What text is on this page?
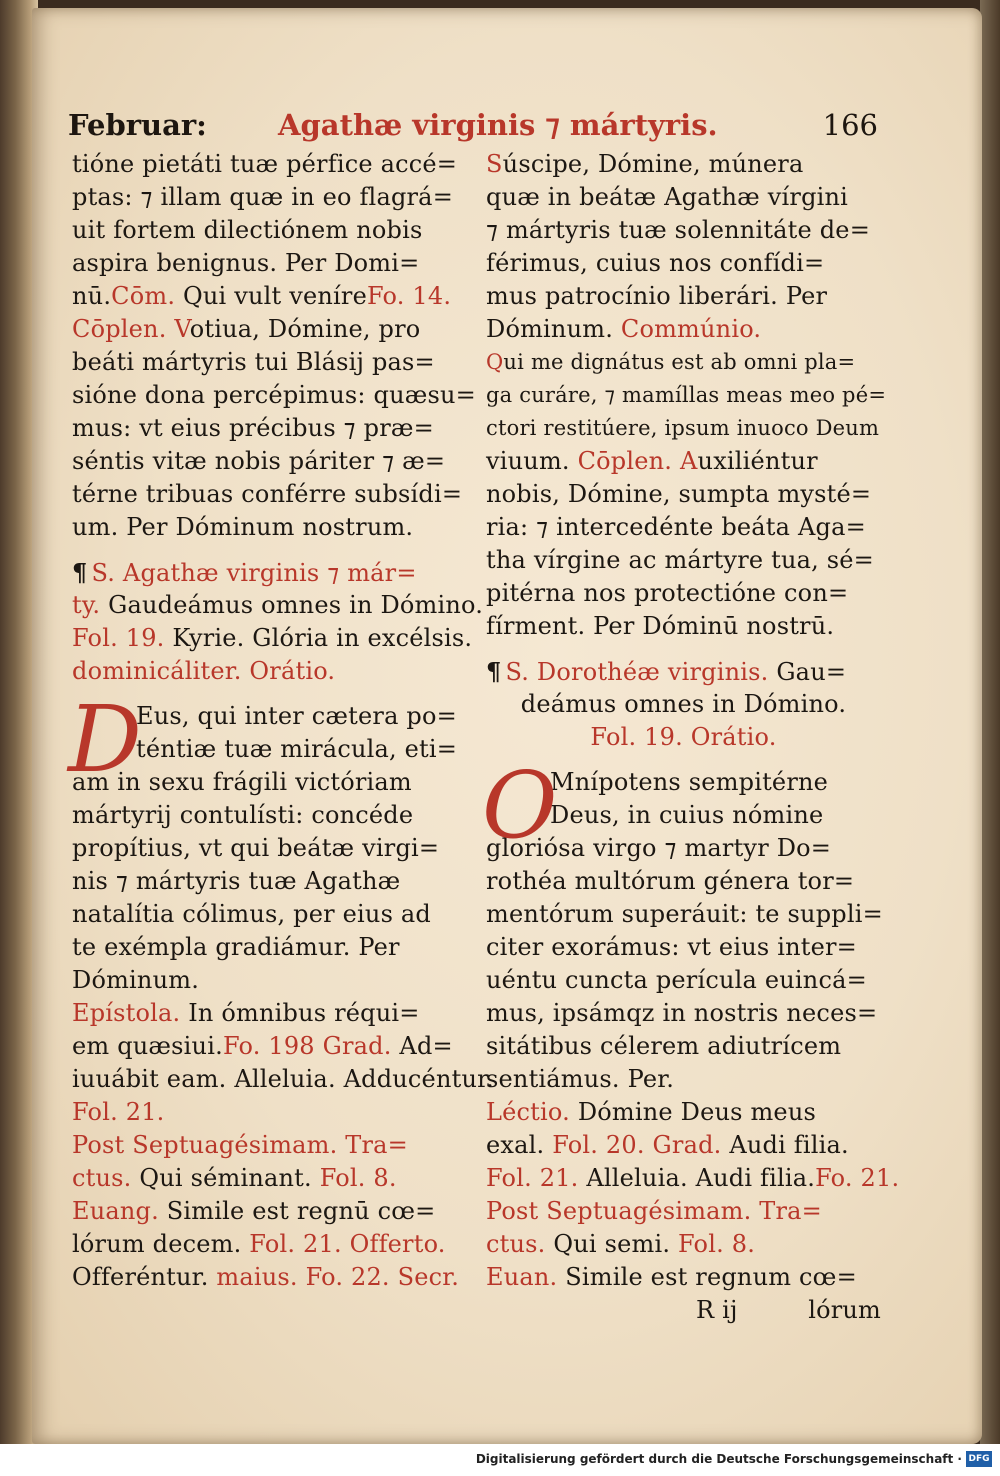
Februar: Agathæ virginis ⁊ mártyris.	166
tióne pietáti tuæ pérfice accé=
ptas: ⁊ illam quæ in eo flagrá=
uit fortem dilectiónem nobis
aspira benignus. Per Domi=
nū.Cōm. Qui vult veníreFo. 14.
Cōplen. Votiua, Dómine, pro
beáti mártyris tui Blásij pas=
sióne dona percépimus: quæsu=
mus: vt eius précibus ⁊ præ=
séntis vitæ nobis páriter ⁊ æ=
térne tribuas conférre subsídi=
um. Per Dóminum nostrum.
¶ S. Agathæ virginis ⁊ már=
ty. Gaudeámus omnes in Dómino.
Fol. 19. Kyrie. Glória in excélsis.
dominicáliter. Orátio.
D
Eus, qui inter cætera po=
téntiæ tuæ mirácula, eti=
am in sexu frágili victóriam
mártyrij contulísti: concéde
propítius, vt qui beátæ virgi=
nis ⁊ mártyris tuæ Agathæ
natalítia cólimus, per eius ad
te exémpla gradiámur. Per
Dóminum.
Epístola. In ómnibus réqui=
em quæsiui.Fo. 198 Grad. Ad=
iuuábit eam. Alleluia. Adducéntur.
Fol. 21.
Post Septuagésimam. Tra=
ctus. Qui séminant. Fol. 8.
Euang. Simile est regnū cœ=
lórum decem. Fol. 21. Offerto.
Offeréntur. maius. Fo. 22. Secr.
Súscipe, Dómine, múnera
quæ in beátæ Agathæ vírgini
⁊ mártyris tuæ solennitáte de=
férimus, cuius nos confídi=
mus patrocínio liberári. Per
Dóminum. Commúnio.
Qui me dignátus est ab omni pla=
ga curáre, ⁊ mamíllas meas meo pé=
ctori restitúere, ipsum inuoco Deum
viuum. Cōplen. Auxiliéntur
nobis, Dómine, sumpta mysté=
ria: ⁊ intercedénte beáta Aga=
tha vírgine ac mártyre tua, sé=
pitérna nos protectióne con=
fírment. Per Dóminū nostrū.
¶ S. Dorothéæ virginis. Gau=
deámus omnes in Dómino.
Fol. 19. Orátio.
O
Mnípotens sempitérne
Deus, in cuius nómine
gloriósa virgo ⁊ martyr Do=
rothéa multórum génera tor=
mentórum superáuit: te suppli=
citer exorámus: vt eius inter=
uéntu cuncta perícula euincá=
mus, ipsámqz in nostris neces=
sitátibus célerem adiutrícem
sentiámus. Per.
Léctio. Dómine Deus meus
exal. Fol. 20. Grad. Audi filia.
Fol. 21. Alleluia. Audi filia.Fo. 21.
Post Septuagésimam. Tra=
ctus. Qui semi. Fol. 8.
Euan. Simile est regnum cœ=
R ij	lórum
Digitalisierung gefördert durch die Deutsche Forschungsgemeinschaft · DFG
